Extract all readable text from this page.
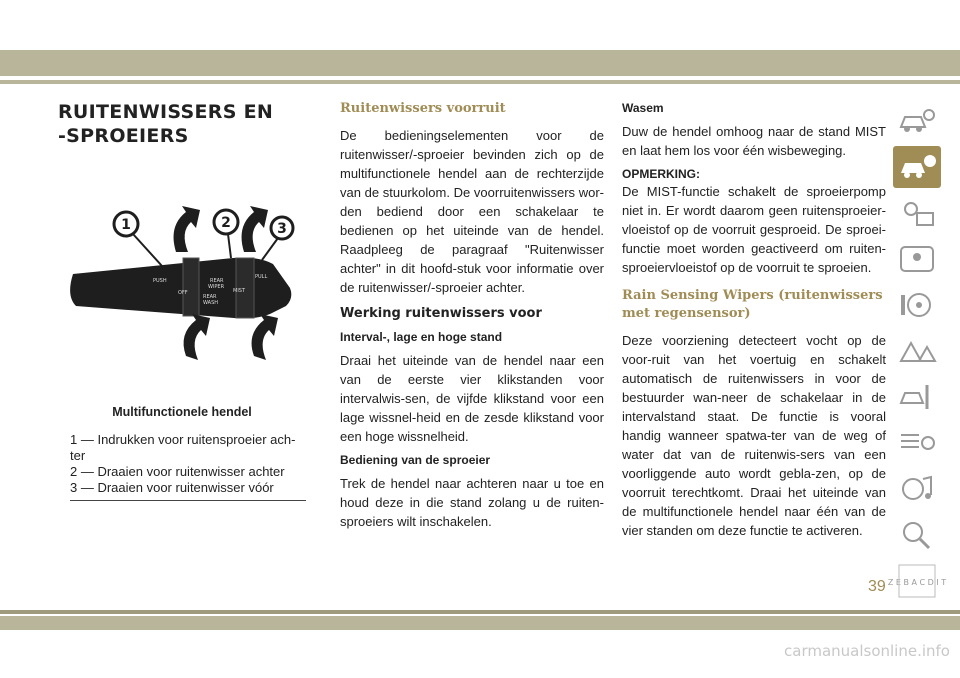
RUITENWISSERS EN
-SPROEIERS
PUSH	REAR
WIPER
MIST
PULL
OFF
REAR
WASH
1	2	3
Multifunctionele hendel
1 — Indrukken voor ruitensproeier ach-ter
2 — Draaien voor ruitenwisser achter
3 — Draaien voor ruitenwisser vóór
Ruitenwissers voorruit

De bedieningselementen voor de ruitenwisser/-sproeier bevinden zich op de multifunctionele hendel aan de rechterzijde van de stuurkolom. De voorruitenwissers wor-den bediend door een schakelaar te bedienen op het uiteinde van de hendel. Raadpleeg de paragraaf "Ruitenwisser achter" in dit hoofd-stuk voor informatie over de ruitenwisser/-sproeier achter.

Werking ruitenwissers voor
Interval-, lage en hoge stand

Draai het uiteinde van de hendel naar een van de eerste vier klikstanden voor intervalwis-sen, de vijfde klikstand voor een lage wissnel-heid en de zesde klikstand voor een hoge wissnelheid.

Bediening van de sproeier

Trek de hendel naar achteren naar u toe en houd deze in die stand zolang u de ruiten-sproeiers wilt inschakelen.

Wasem

Duw de hendel omhoog naar de stand MIST en laat hem los voor één wisbeweging.

OPMERKING:

De MIST-functie schakelt de sproeierpomp niet in. Er wordt daarom geen ruitensproeier-vloeistof op de voorruit gesproeid. De sproei-functie moet worden geactiveerd om ruiten-sproeiervloeistof op de voorruit te sproeien.

Rain Sensing Wipers (ruitenwissers met regensensor)

Deze voorziening detecteert vocht op de voor-ruit van het voertuig en schakelt automatisch de ruitenwissers in voor de bestuurder wan-neer de schakelaar in de intervalstand staat. De functie is vooral handig wanneer spatwa-ter van de weg of water dat van de ruitenwis-sers van een voorliggende auto wordt gebla-zen, op de voorruit terechtkomt. Draai het uiteinde van de multifunctionele hendel naar één van de vier standen om deze functie te activeren.

Z E B A C D I T
39
carmanualsonline.info
